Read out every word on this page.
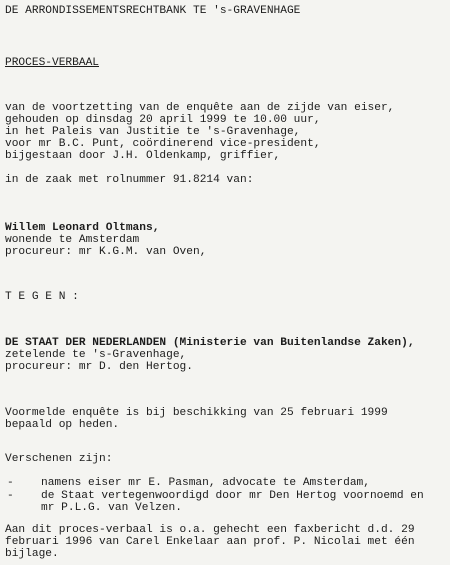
DE ARRONDISSEMENTSRECHTBANK TE 's-GRAVENHAGE
PROCES-VERBAAL
van de voortzetting van de enquête aan de zijde van eiser,
gehouden op dinsdag 20 april 1999 te 10.00 uur,
in het Paleis van Justitie te 's-Gravenhage,
voor mr B.C. Punt, coördinerend vice-president,
bijgestaan door J.H. Oldenkamp, griffier,
in de zaak met rolnummer 91.8214 van:
Willem Leonard Oltmans,
wonende te Amsterdam
procureur: mr K.G.M. van Oven,
T E G E N :
DE STAAT DER NEDERLANDEN (Ministerie van Buitenlandse Zaken),
zetelende te 's-Gravenhage,
procureur: mr D. den Hertog.
Voormelde enquête is bij beschikking van 25 februari 1999
bepaald op heden.
Verschenen zijn:
- namens eiser mr E. Pasman, advocate te Amsterdam,
- de Staat vertegenwoordigd door mr Den Hertog voornoemd en
mr P.L.G. van Velzen.
Aan dit proces-verbaal is o.a. gehecht een faxbericht d.d. 29
februari 1996 van Carel Enkelaar aan prof. P. Nicolai met één
bijlage.
